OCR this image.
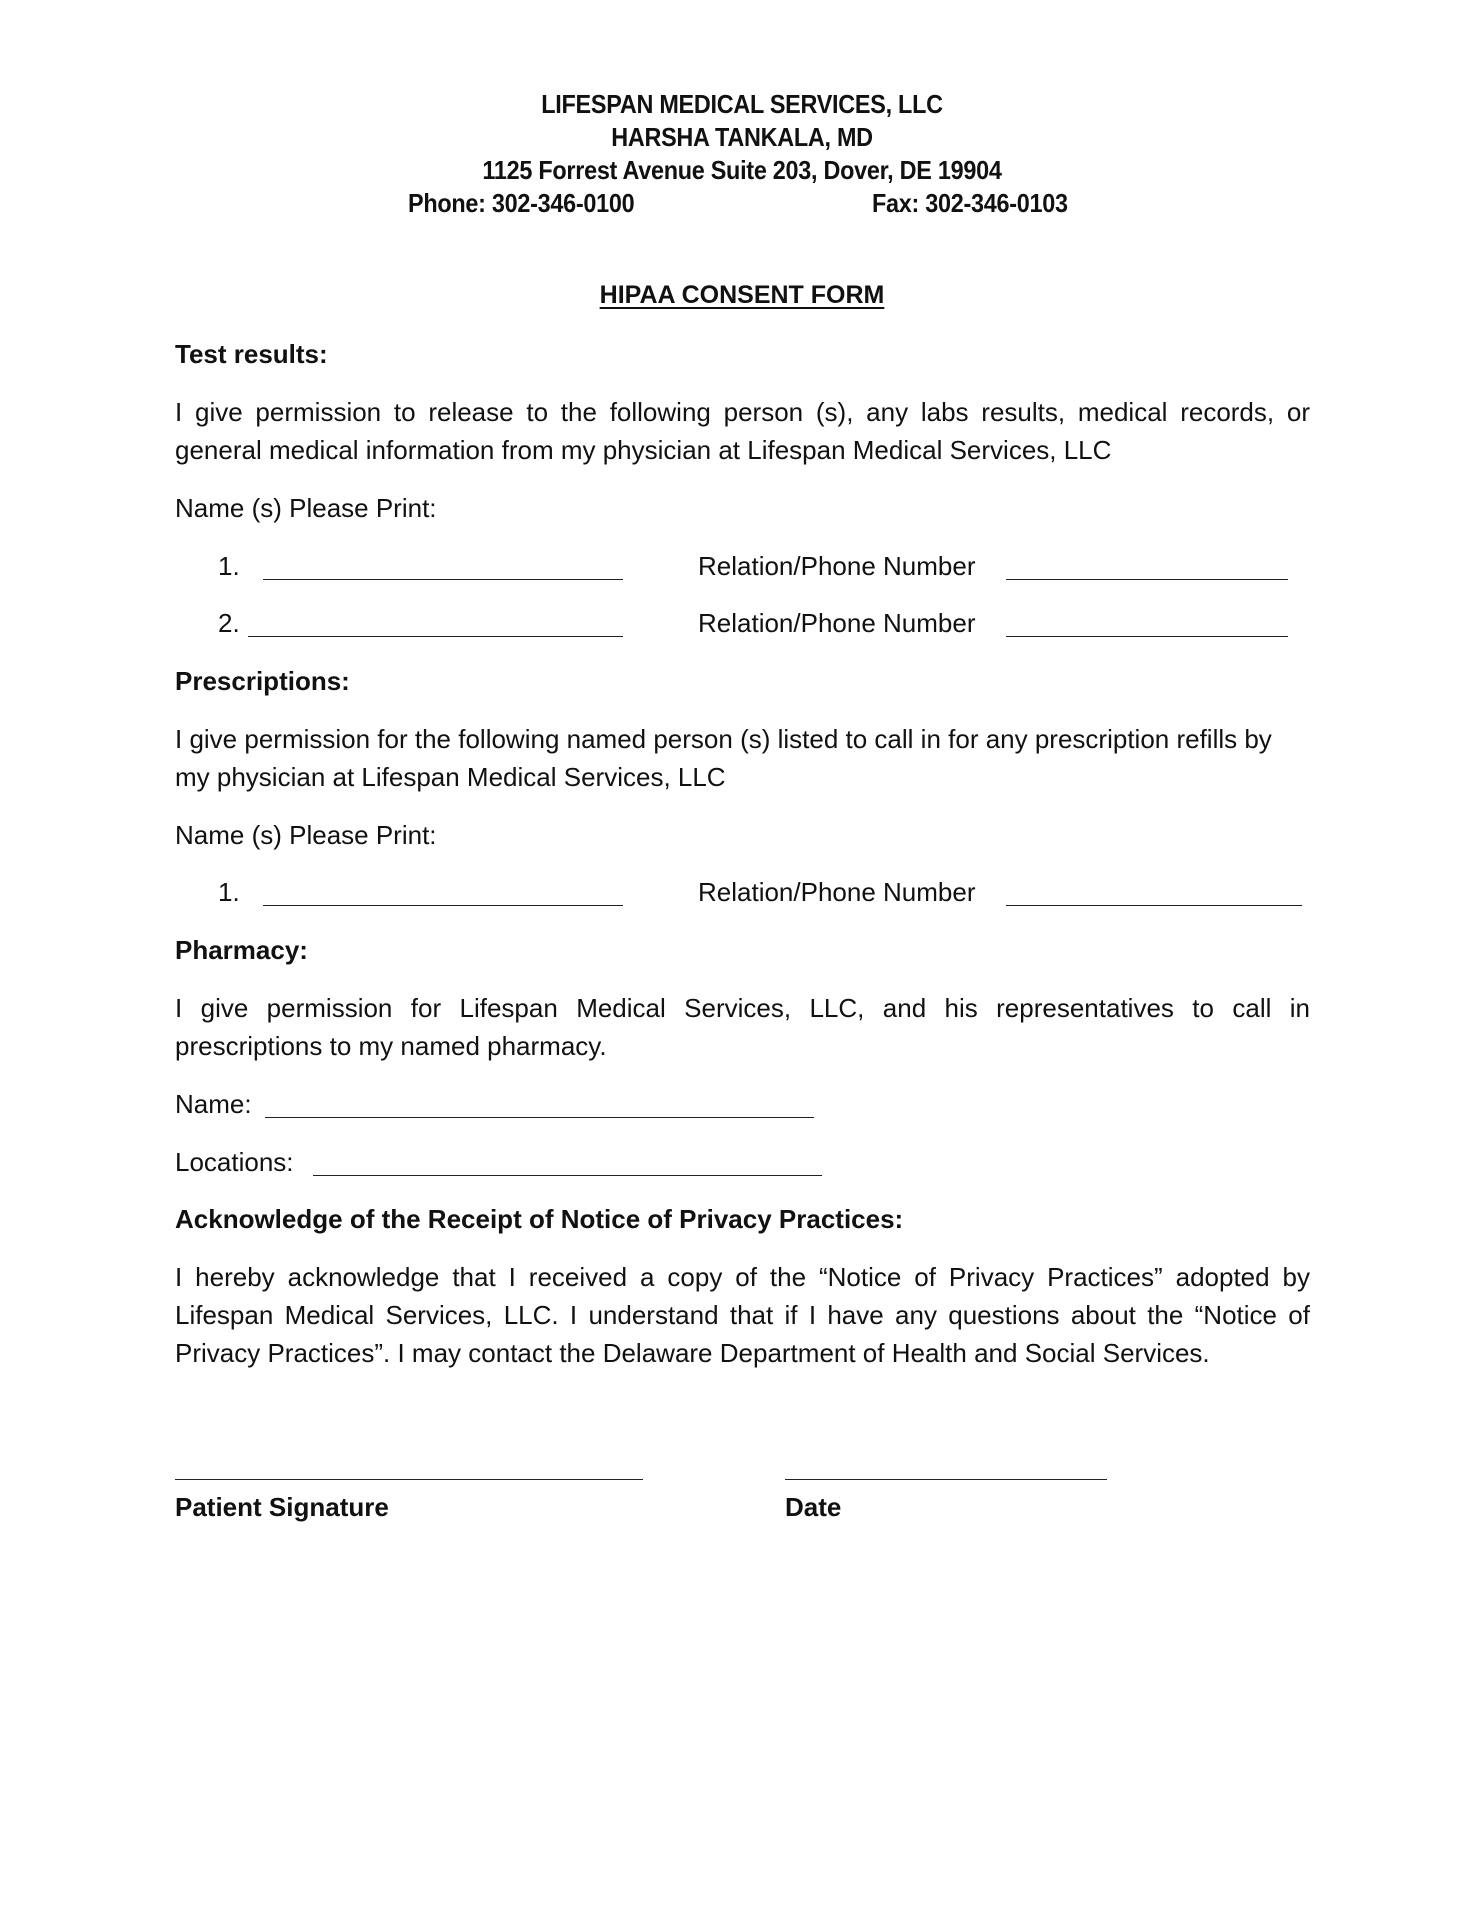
LIFESPAN MEDICAL SERVICES, LLC
HARSHA TANKALA, MD
1125 Forrest Avenue Suite 203, Dover, DE 19904
Phone: 302-346-0100	Fax: 302-346-0103
HIPAA CONSENT FORM
Test results:
I give permission to release to the following person (s), any labs results, medical records, or general medical information from my physician at Lifespan Medical Services, LLC
Name (s) Please Print:
1.	Relation/Phone Number
2.	Relation/Phone Number
Prescriptions:
I give permission for the following named person (s) listed to call in for any prescription refills by my physician at Lifespan Medical Services, LLC
Name (s) Please Print:
1.	Relation/Phone Number
Pharmacy:
I give permission for Lifespan Medical Services, LLC, and his representatives to call in prescriptions to my named pharmacy.
Name:
Locations:
Acknowledge of the Receipt of Notice of Privacy Practices:
I hereby acknowledge that I received a copy of the “Notice of Privacy Practices” adopted by Lifespan Medical Services, LLC. I understand that if I have any questions about the “Notice of Privacy Practices”. I may contact the Delaware Department of Health and Social Services.
Patient Signature	Date
